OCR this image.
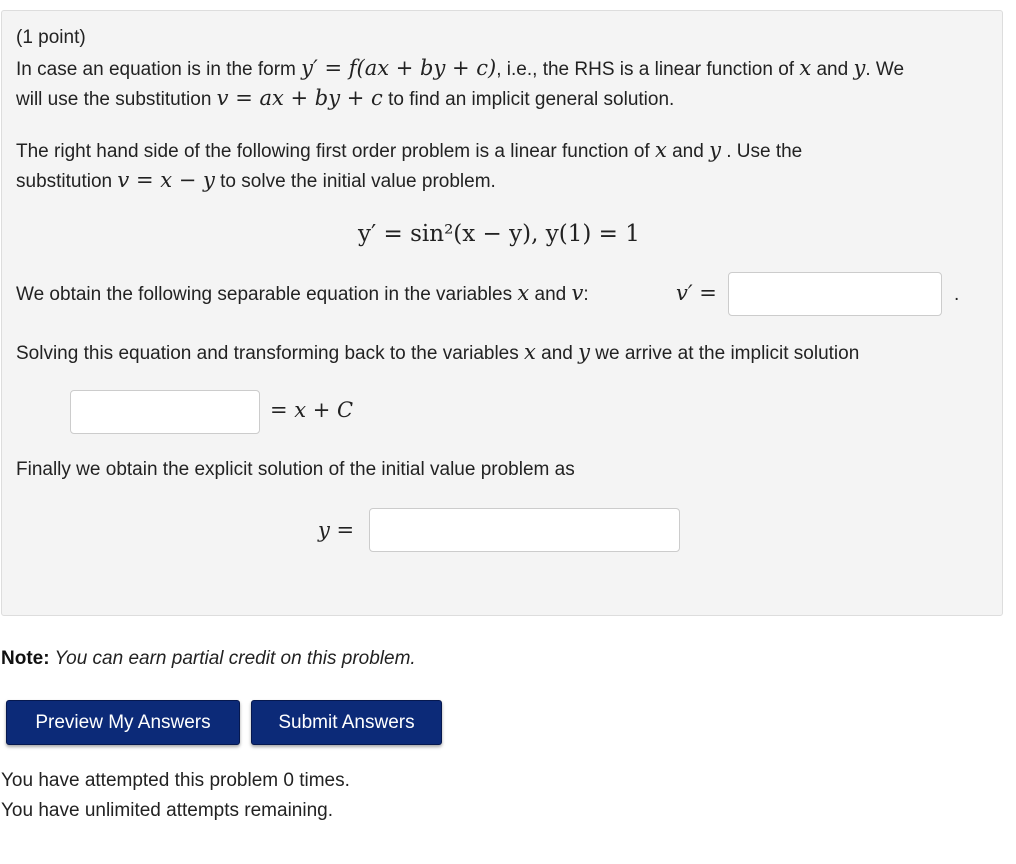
(1 point)
In case an equation is in the form y′ = f(ax + by + c), i.e., the RHS is a linear function of x and y. We
will use the substitution v = ax + by + c to find an implicit general solution.
The right hand side of the following first order problem is a linear function of x and y . Use the
substitution v = x − y to solve the initial value problem.
y′ = sin²(x − y), y(1) = 1
We obtain the following separable equation in the variables x and v:	v′ =	.
Solving this equation and transforming back to the variables x and y we arrive at the implicit solution
= x + C
Finally we obtain the explicit solution of the initial value problem as
y =
Note: You can earn partial credit on this problem.
Preview My Answers	Submit Answers
You have attempted this problem 0 times.
You have unlimited attempts remaining.
